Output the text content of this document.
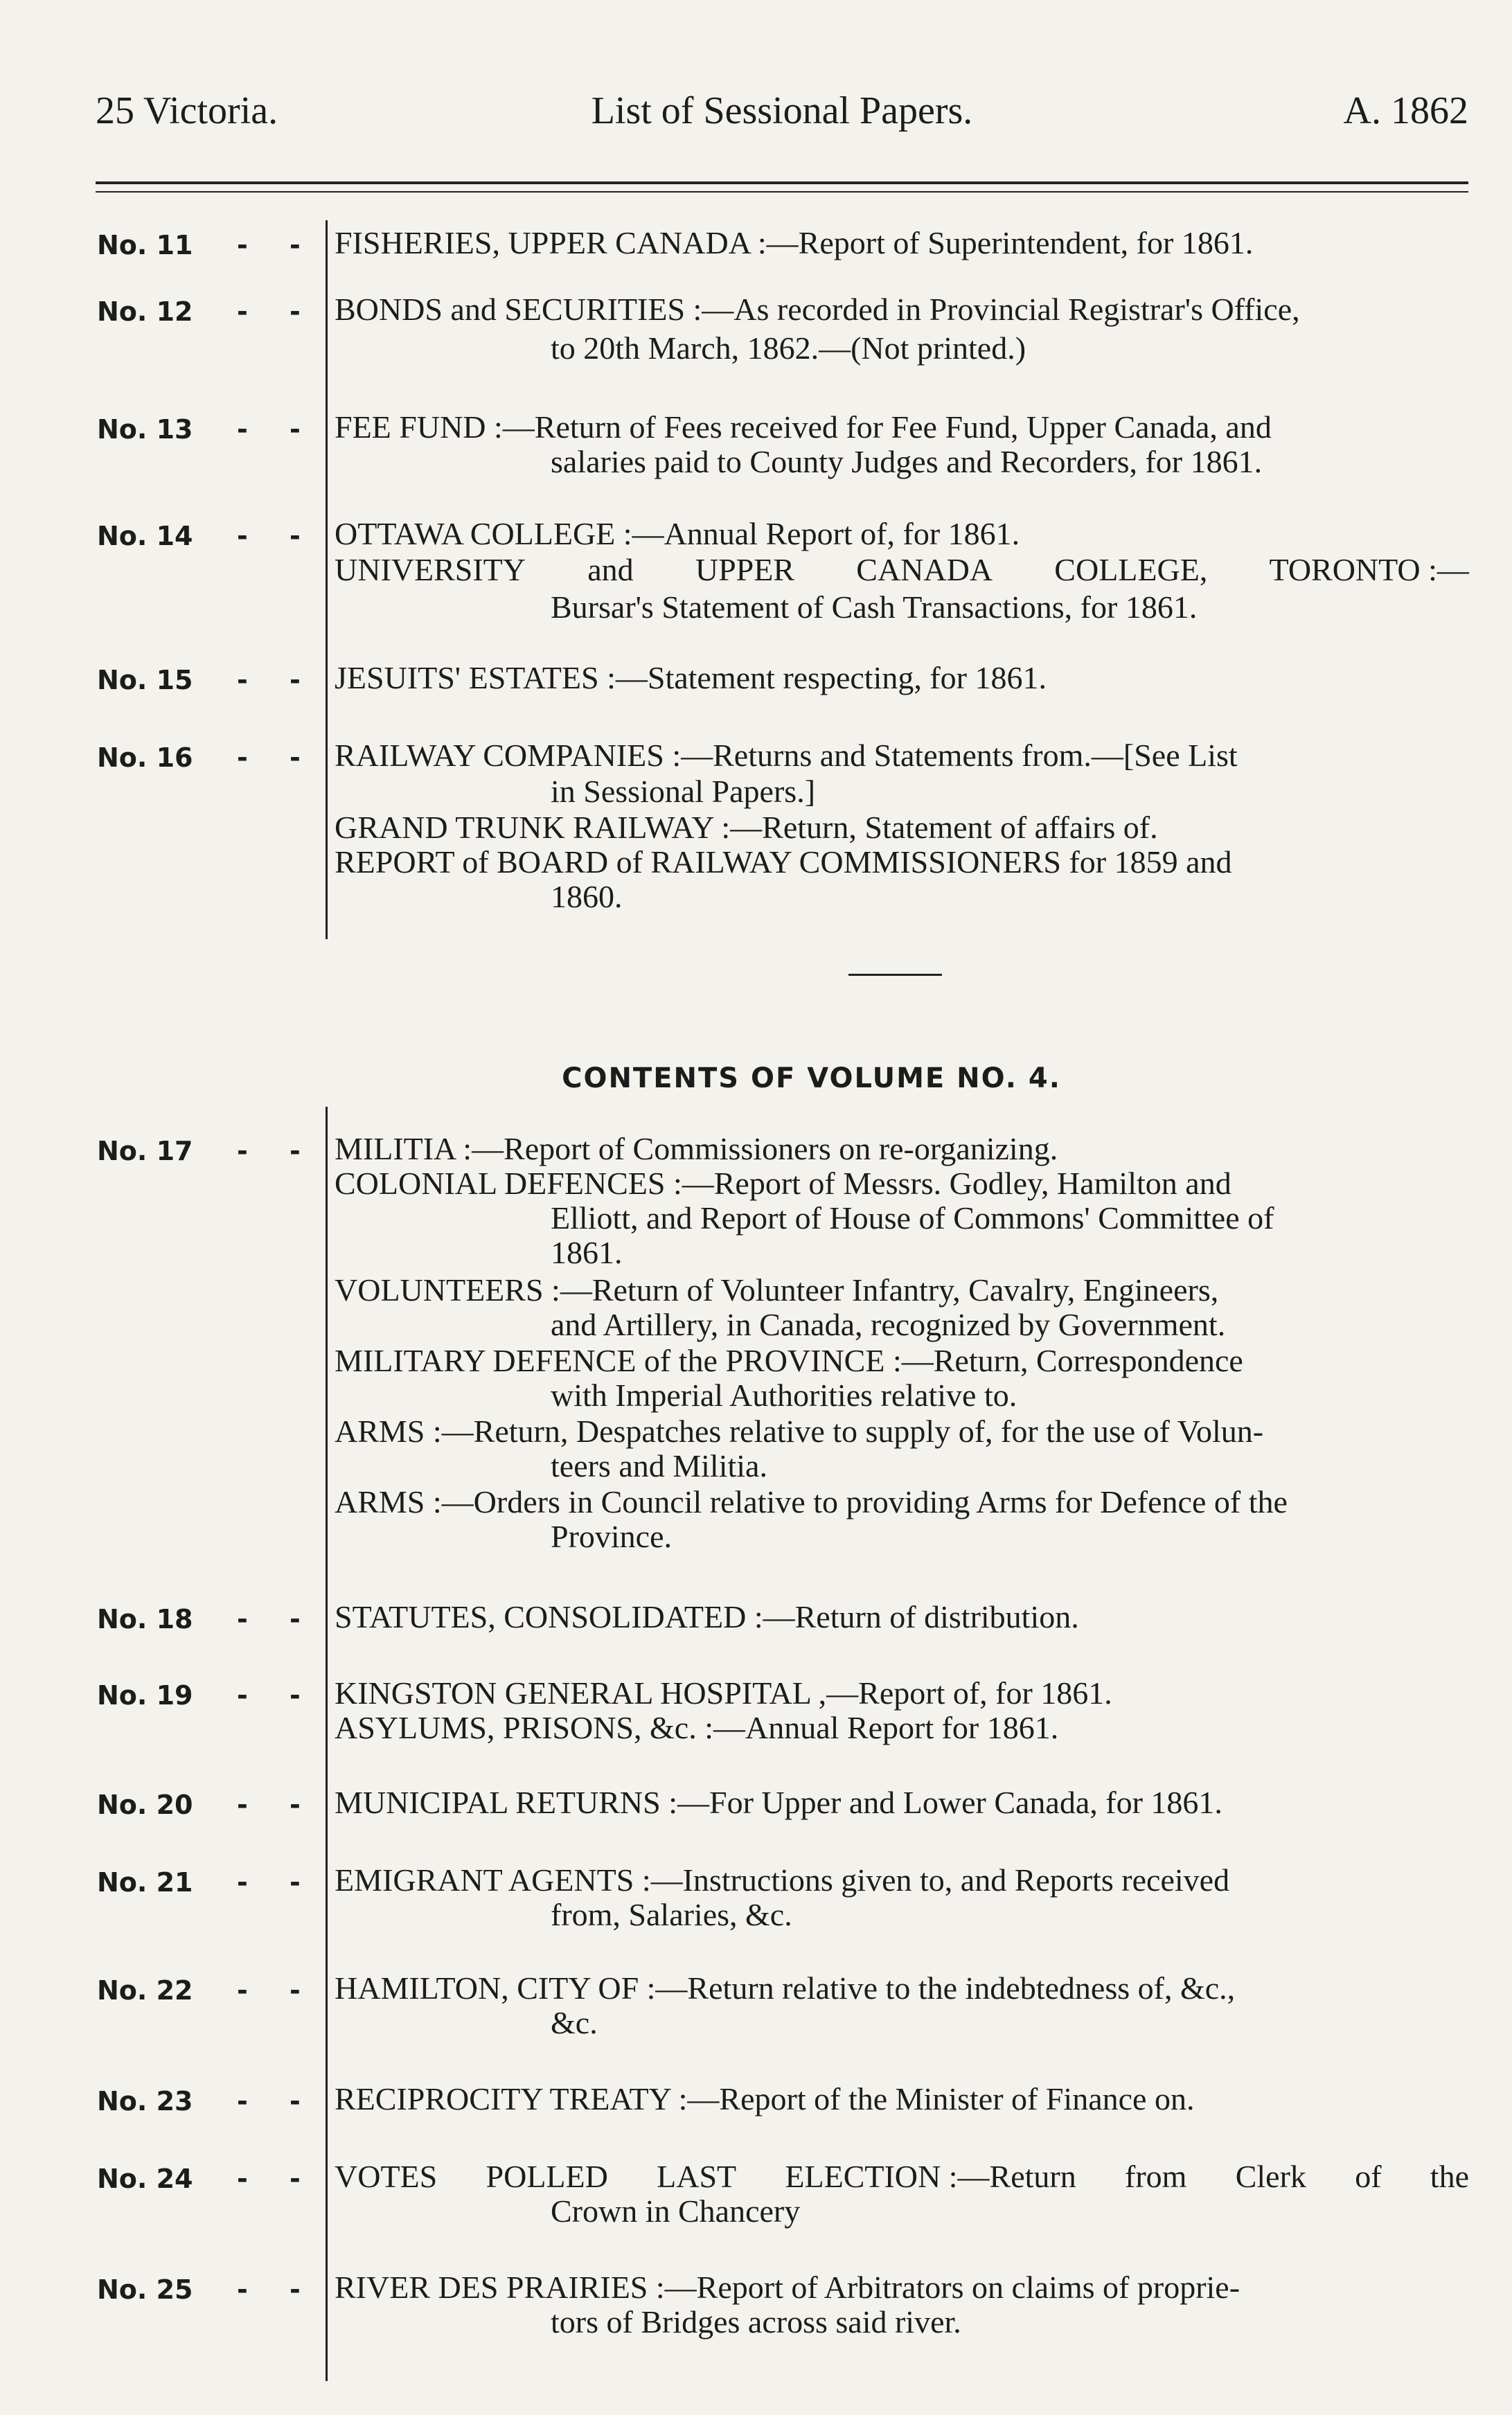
25 Victoria.	List of Sessional Papers.	A. 1862
No. 11 - - FISHERIES, UPPER CANADA :—Report of Superintendent, for 1861.
No. 12 - - BONDS and SECURITIES :—As recorded in Provincial Registrar's Office,
to 20th March, 1862.—(Not printed.)
No. 13 - - FEE FUND :—Return of Fees received for Fee Fund, Upper Canada, and
salaries paid to County Judges and Recorders, for 1861.
No. 14 - - OTTAWA COLLEGE :—Annual Report of, for 1861.
UNIVERSITY and UPPER CANADA COLLEGE, TORONTO :—
Bursar's Statement of Cash Transactions, for 1861.
No. 15 - - JESUITS' ESTATES :—Statement respecting, for 1861.
No. 16 - - RAILWAY COMPANIES :—Returns and Statements from.—[See List
in Sessional Papers.]
GRAND TRUNK RAILWAY :—Return, Statement of affairs of.
REPORT of BOARD of RAILWAY COMMISSIONERS for 1859 and
1860.
CONTENTS OF VOLUME NO. 4.
No. 17 - - MILITIA :—Report of Commissioners on re-organizing.
COLONIAL DEFENCES :—Report of Messrs. Godley, Hamilton and
Elliott, and Report of House of Commons' Committee of
1861.
VOLUNTEERS :—Return of Volunteer Infantry, Cavalry, Engineers,
and Artillery, in Canada, recognized by Government.
MILITARY DEFENCE of the PROVINCE :—Return, Correspondence
with Imperial Authorities relative to.
ARMS :—Return, Despatches relative to supply of, for the use of Volun-
teers and Militia.
ARMS :—Orders in Council relative to providing Arms for Defence of the
Province.
No. 18 - - STATUTES, CONSOLIDATED :—Return of distribution.
No. 19 - - KINGSTON GENERAL HOSPITAL ,—Report of, for 1861.
ASYLUMS, PRISONS, &c. :—Annual Report for 1861.
No. 20 - - MUNICIPAL RETURNS :—For Upper and Lower Canada, for 1861.
No. 21 - - EMIGRANT AGENTS :—Instructions given to, and Reports received
from, Salaries, &c.
No. 22 - - HAMILTON, CITY OF :—Return relative to the indebtedness of, &c.,
&c.
No. 23 - - RECIPROCITY TREATY :—Report of the Minister of Finance on.
No. 24 - - VOTES POLLED LAST ELECTION :—Return from Clerk of the
Crown in Chancery
No. 25 - - RIVER DES PRAIRIES :—Report of Arbitrators on claims of proprie-
tors of Bridges across said river.
